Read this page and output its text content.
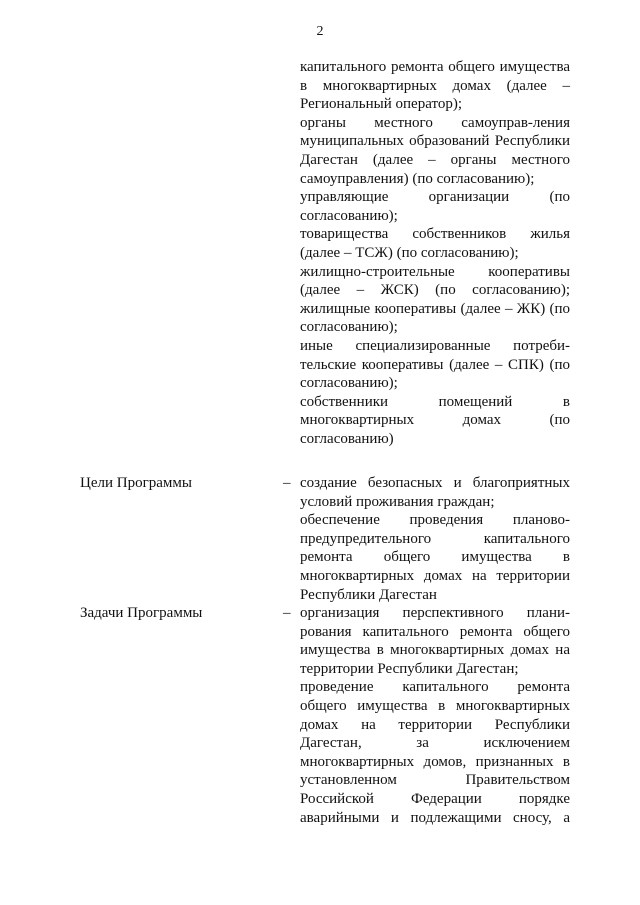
2

капитального ремонта общего имущества в многоквартирных домах (далее – Региональный оператор);

органы местного самоуправ-ления муниципальных образований Республики Дагестан (далее – органы местного самоуправления) (по согласованию);

управляющие организации (по согласованию);

товарищества собственников жилья (далее – ТСЖ) (по согласованию);

жилищно-строительные кооперативы (далее – ЖСК) (по согласованию); жилищные кооперативы (далее – ЖК) (по согласованию);

иные специализированные потреби-тельские кооперативы (далее – СПК) (по согласованию);

собственники помещений в многоквартирных домах (по согласованию)

Цели Программы	– создание безопасных и благоприятных условий проживания граждан;

обеспечение проведения планово-предупредительного капитального ремонта общего имущества в многоквартирных домах на территории Республики Дагестан

Задачи Программы	– организация перспективного плани-рования капитального ремонта общего имущества в многоквартирных домах на территории Республики Дагестан;

проведение капитального ремонта общего имущества в многоквартирных домах на территории Республики Дагестан, за исключением многоквартирных домов, признанных в установленном Правительством Российской Федерации порядке аварийными и подлежащими сносу, а
